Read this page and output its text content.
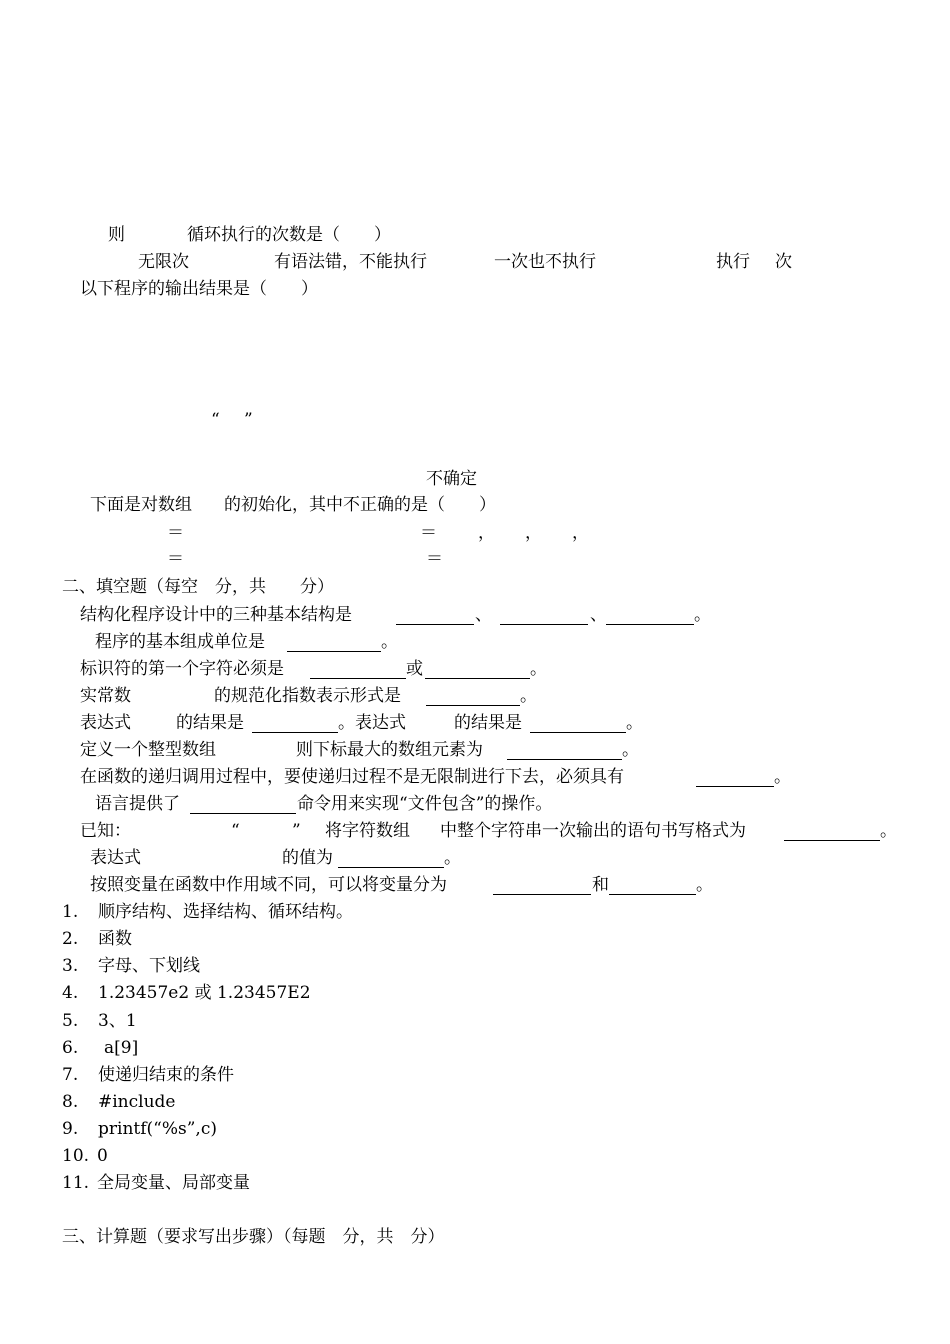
则	循环执行的次数是（　　）
无限次	有语法错，不能执行	一次也不执行	执行 次
以下程序的输出结果是（　　）
“ ”
不确定
下面是对数组 的初始化，其中不正确的是（　　）
＝	＝ ， ， ，
＝	＝
二、填空题（每空　分，共　　分）
结构化程序设计中的三种基本结构是	、	、	。
程序的基本组成单位是	。
标识符的第一个字符必须是	或	。
实常数	的规范化指数表示形式是	。
表达式	的结果是	。表达式	的结果是	。
定义一个整型数组	则下标最大的数组元素为	。
在函数的递归调用过程中，要使递归过程不是无限制进行下去，必须具有	。
语言提供了	命令用来实现“文件包含”的操作。
已知：	“	” 将字符数组 中整个字符串一次输出的语句书写格式为	。
表达式	的值为	。
按照变量在函数中作用域不同，可以将变量分为	和	。
1. 顺序结构、选择结构、循环结构。
2. 函数
3. 字母、下划线
4. 1.23457e2 或 1.23457E2
5. 3、1
6. a[9]
7. 使递归结束的条件
8. #include
9. printf(“%s”,c)
10. 0
11. 全局变量、局部变量
三、计算题（要求写出步骤）（每题　分，共　分）
